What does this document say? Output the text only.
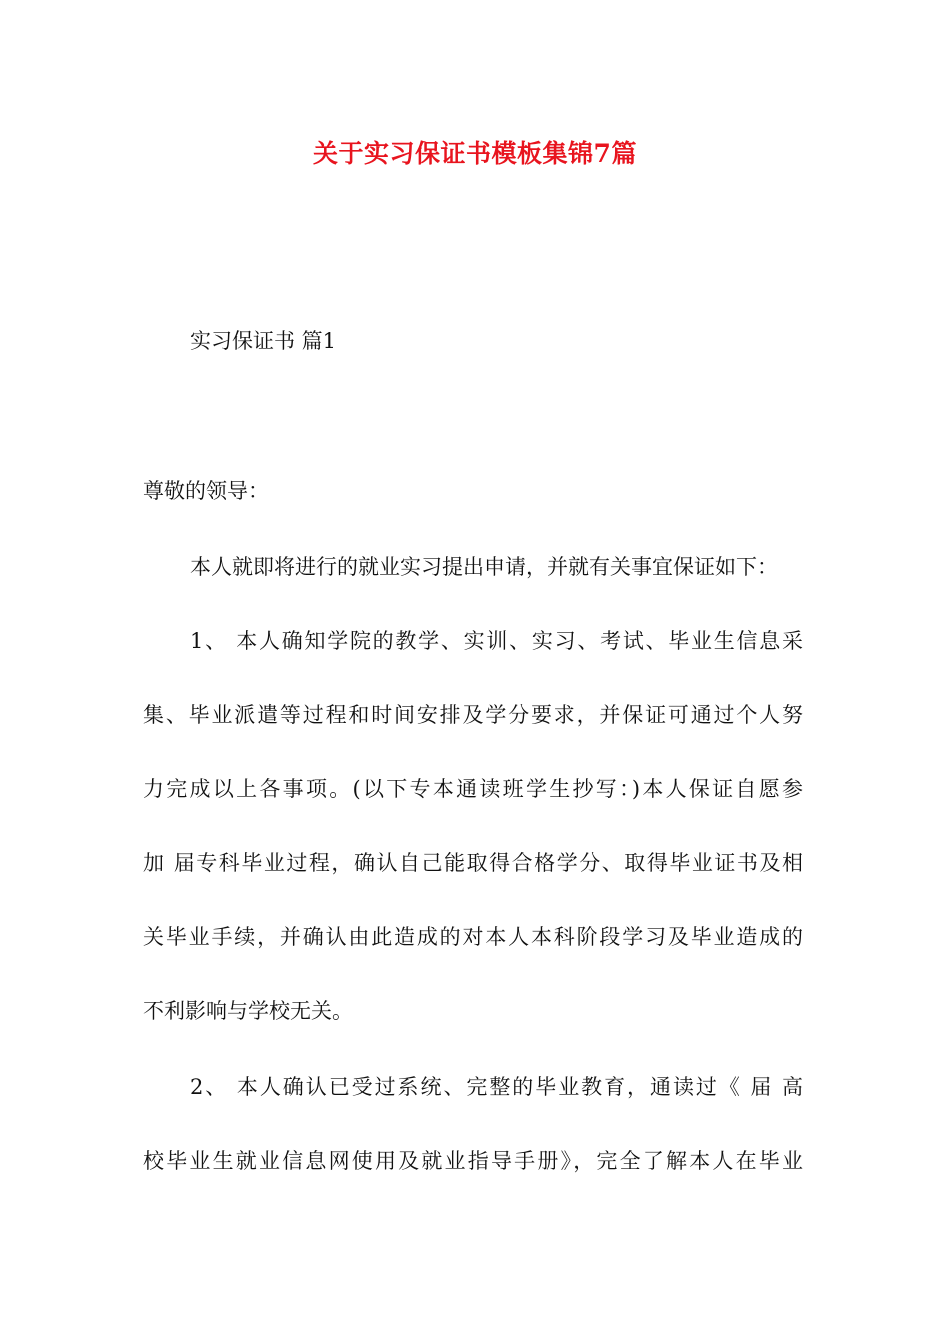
关于实习保证书模板集锦7篇
实习保证书 篇1
尊敬的领导：
本人就即将进行的就业实习提出申请，并就有关事宜保证如下：
1、 本人确知学院的教学、实训、实习、考试、毕业生信息采
集、毕业派遣等过程和时间安排及学分要求，并保证可通过个人努
力完成以上各事项。(以下专本通读班学生抄写：)本人保证自愿参
加 届专科毕业过程，确认自己能取得合格学分、取得毕业证书及相
关毕业手续，并确认由此造成的对本人本科阶段学习及毕业造成的
不利影响与学校无关。
2、 本人确认已受过系统、完整的毕业教育，通读过《 届 高
校毕业生就业信息网使用及就业指导手册》，完全了解本人在毕业
